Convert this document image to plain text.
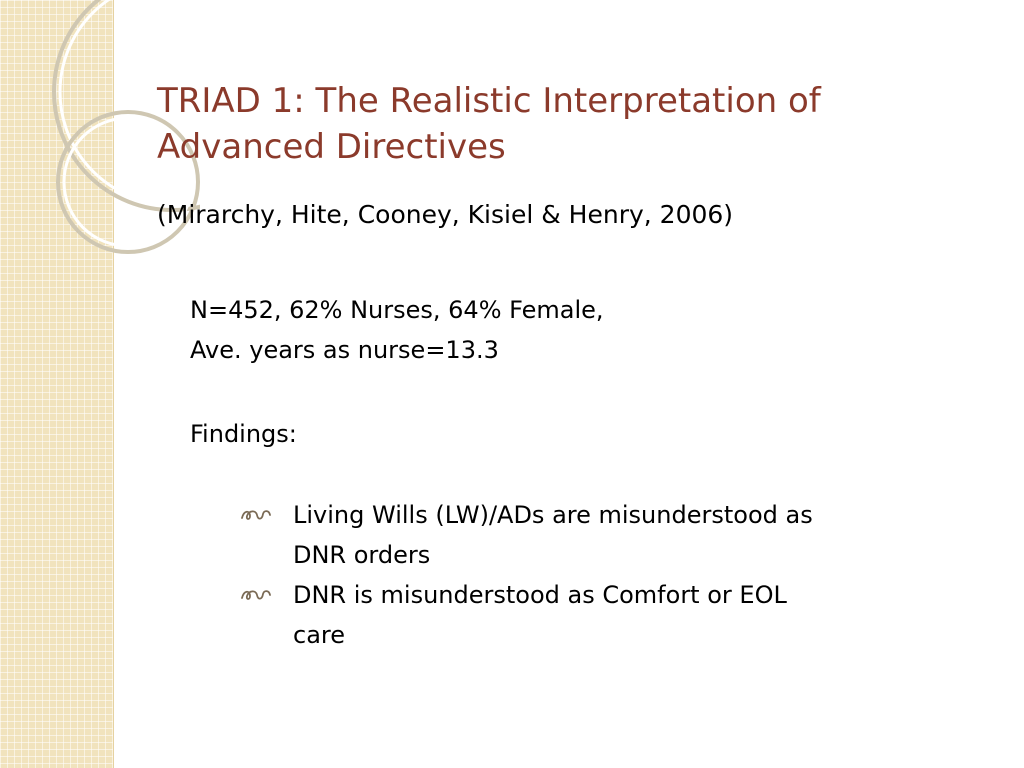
TRIAD 1: The Realistic Interpretation of
Advanced Directives
(Mirarchy, Hite, Cooney, Kisiel & Henry, 2006)
N=452, 62% Nurses, 64% Female,
Ave. years as nurse=13.3
Findings:
Living Wills (LW)/ADs are misunderstood as
DNR orders
DNR is misunderstood as Comfort or EOL
care
